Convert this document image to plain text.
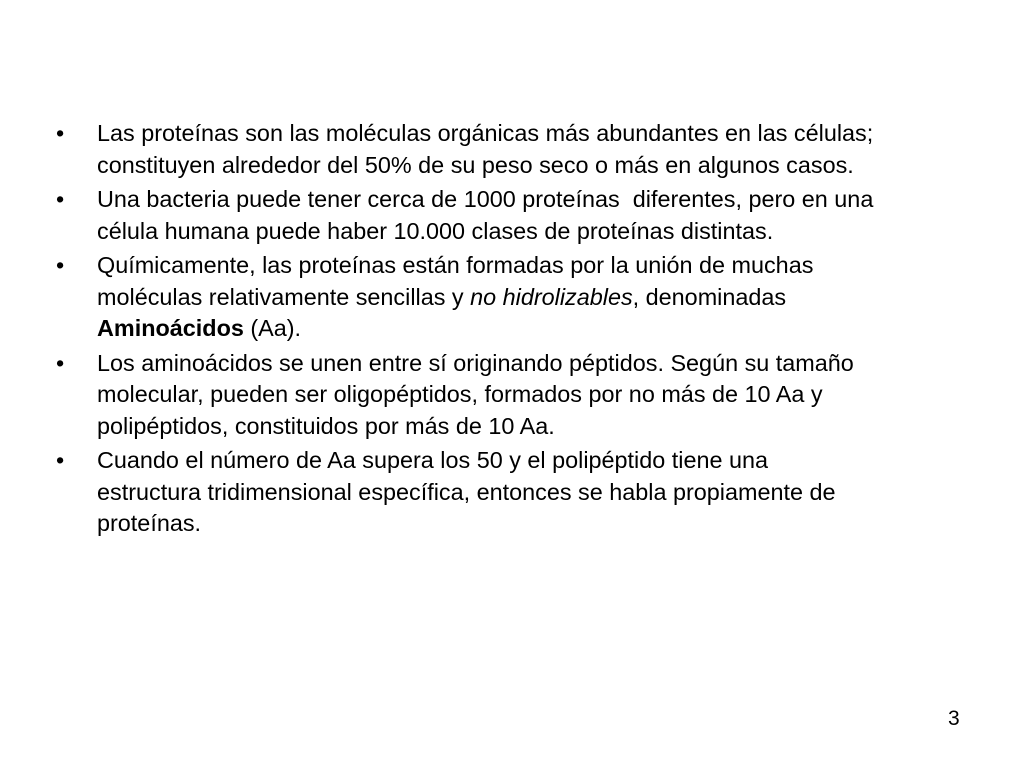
•	Las proteínas son las moléculas orgánicas más abundantes en las células;
constituyen alrededor del 50% de su peso seco o más en algunos casos.
•	Una bacteria puede tener cerca de 1000 proteínas  diferentes, pero en una
célula humana puede haber 10.000 clases de proteínas distintas.
•	Químicamente, las proteínas están formadas por la unión de muchas
moléculas relativamente sencillas y no hidrolizables, denominadas
Aminoácidos (Aa).
•	Los aminoácidos se unen entre sí originando péptidos. Según su tamaño
molecular, pueden ser oligopéptidos, formados por no más de 10 Aa y
polipéptidos, constituidos por más de 10 Aa.
•	Cuando el número de Aa supera los 50 y el polipéptido tiene una
estructura tridimensional específica, entonces se habla propiamente de
proteínas.
3
